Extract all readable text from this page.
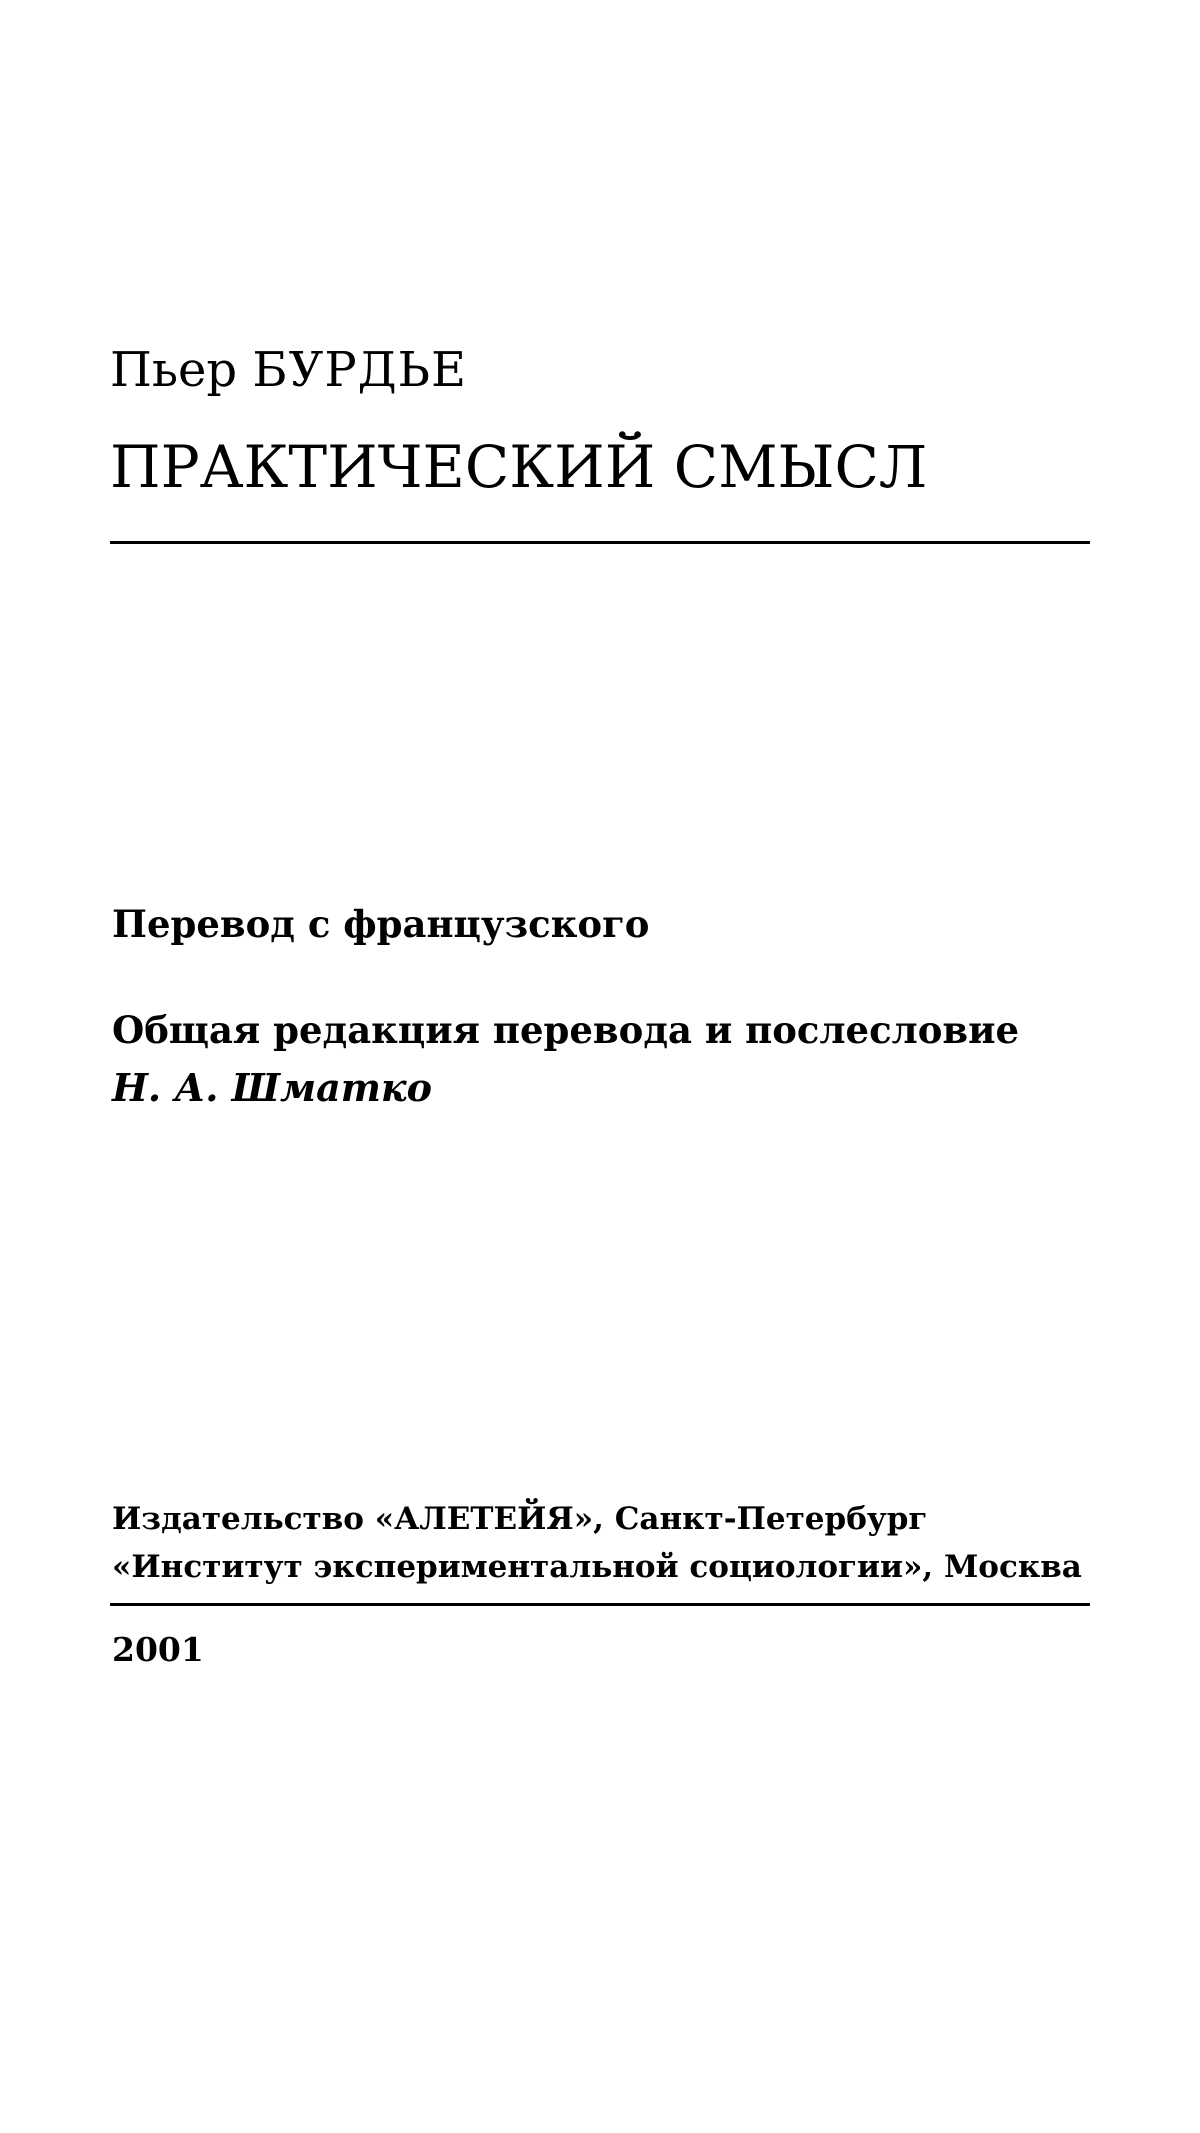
Пьер БУРДЬЕ
ПРАКТИЧЕСКИЙ СМЫСЛ
Перевод с французского
Общая редакция перевода и послесловие
Н. А. Шматко
Издательство «АЛЕТЕЙЯ», Санкт-Петербург
«Институт экспериментальной социологии», Москва
2001
